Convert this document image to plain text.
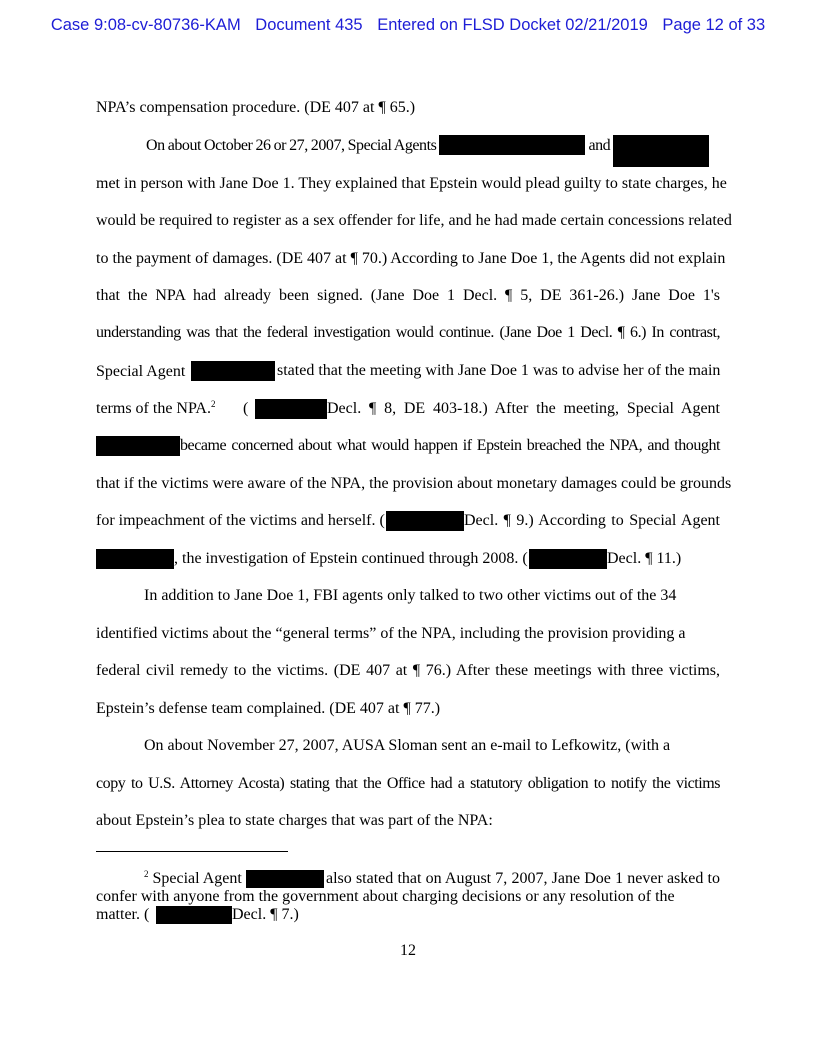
Case 9:08-cv-80736-KAM Document 435 Entered on FLSD Docket 02/21/2019 Page 12 of 33
NPA’s compensation procedure. (DE 407 at ¶ 65.)
On about October 26 or 27, 2007, Special Agents	and
met in person with Jane Doe 1. They explained that Epstein would plead guilty to state charges, he
would be required to register as a sex offender for life, and he had made certain concessions related
to the payment of damages. (DE 407 at ¶ 70.) According to Jane Doe 1, the Agents did not explain
that the NPA had already been signed. (Jane Doe 1 Decl. ¶ 5, DE 361-26.) Jane Doe 1's
understanding was that the federal investigation would continue. (Jane Doe 1 Decl. ¶ 6.) In contrast,
Special Agent	stated that the meeting with Jane Doe 1 was to advise her of the main
terms of the NPA.$^2$ (	Decl. ¶ 8, DE 403-18.) After the meeting, Special Agent
became concerned about what would happen if Epstein breached the NPA, and thought
that if the victims were aware of the NPA, the provision about monetary damages could be grounds
for impeachment of the victims and herself. (	Decl. ¶ 9.) According to Special Agent
, the investigation of Epstein continued through 2008. (	Decl. ¶ 11.)
In addition to Jane Doe 1, FBI agents only talked to two other victims out of the 34
identified victims about the “general terms” of the NPA, including the provision providing a
federal civil remedy to the victims. (DE 407 at ¶ 76.) After these meetings with three victims,
Epstein’s defense team complained. (DE 407 at ¶ 77.)
On about November 27, 2007, AUSA Sloman sent an e-mail to Lefkowitz, (with a
copy to U.S. Attorney Acosta) stating that the Office had a statutory obligation to notify the victims
about Epstein’s plea to state charges that was part of the NPA:
$^2$ Special Agent	also stated that on August 7, 2007, Jane Doe 1 never asked to
confer with anyone from the government about charging decisions or any resolution of the
matter. (	Decl. ¶ 7.)
12
